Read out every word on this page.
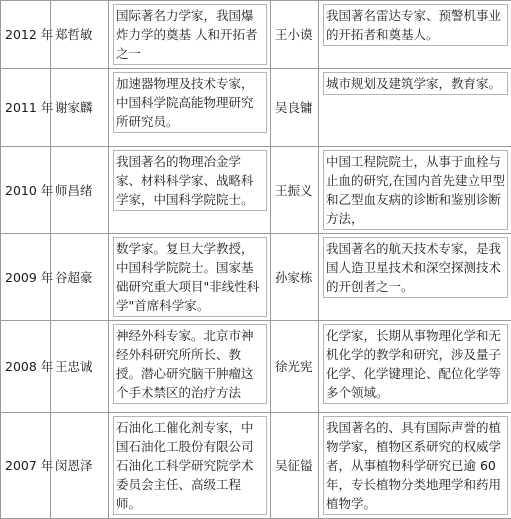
2012 年	郑哲敏	国际著名力学家，我国爆炸力学的奠基 人和开拓者之一	王小谟	我国著名雷达专家、预警机事业的开拓者和奠基人。

2011 年	谢家麟	加速器物理及技术专家，中国科学院高能物理研究所研究员。	吴良镛	城市规划及建筑学家，教育家。

2010 年	师昌绪	我国著名的物理冶金学家、材料科学家、战略科学家，中国科学院院士。	王振义	中国工程院院士，从事于血栓与止血的研究,在国内首先建立甲型和乙型血友病的诊断和鉴别诊断方法，

2009 年	谷超豪	数学家。复旦大学教授，中国科学院院士。国家基础研究重大项目"非线性科学"首席科学家。	孙家栋	我国著名的航天技术专家，是我国人造卫星技术和深空探测技术的开创者之一。

2008 年	王忠诚	神经外科专家。北京市神经外科研究所所长、教授。潜心研究脑干肿瘤这个手术禁区的治疗方法	徐光宪	化学家，长期从事物理化学和无机化学的教学和研究，涉及量子化学、化学键理论、配位化学等 多个领域。

2007 年	闵恩泽	石油化工催化剂专家，中国石油化工股份有限公司石油化工科学研究院学术委员会主任、高级工程师。	吴征镒	我国著名的、具有国际声誉的植物学家，植物区系研究的权威学者，从事植物科学研究已逾 60 年，专长植物分类地理学和药用植物学。
